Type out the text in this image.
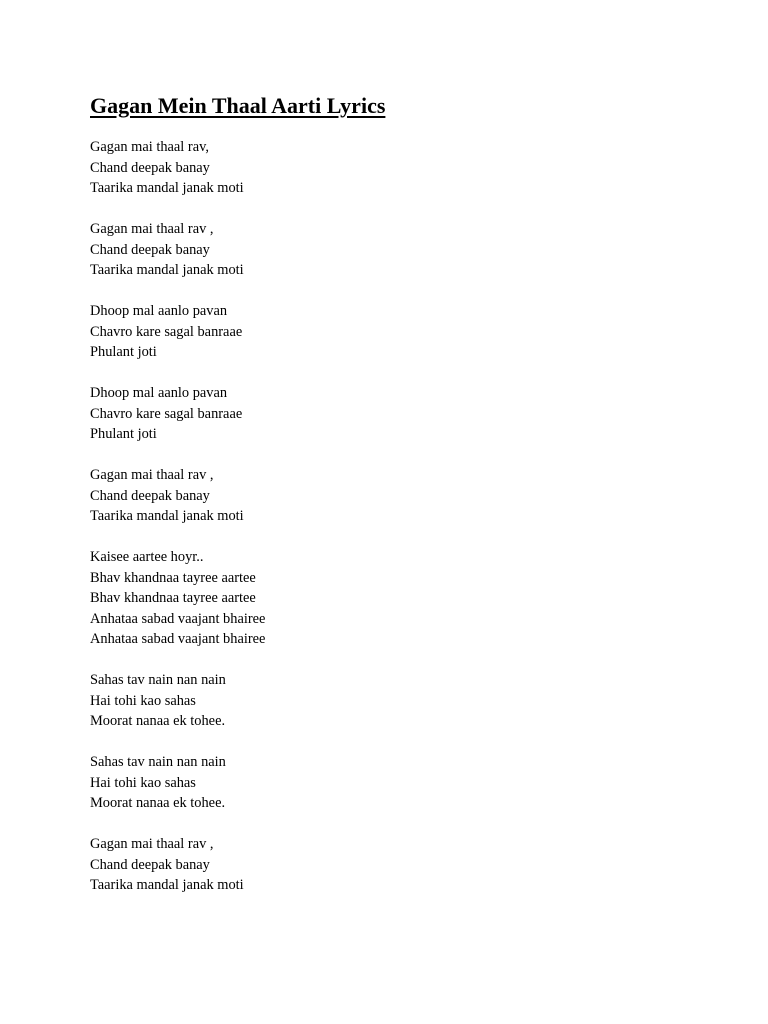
Gagan Mein Thaal Aarti Lyrics
Gagan mai thaal rav,
Chand deepak banay
Taarika mandal janak moti
Gagan mai thaal rav ,
Chand deepak banay
Taarika mandal janak moti
Dhoop mal aanlo pavan
Chavro kare sagal banraae
Phulant joti
Dhoop mal aanlo pavan
Chavro kare sagal banraae
Phulant joti
Gagan mai thaal rav ,
Chand deepak banay
Taarika mandal janak moti
Kaisee aartee hoyr..
Bhav khandnaa tayree aartee
Bhav khandnaa tayree aartee
Anhataa sabad vaajant bhairee
Anhataa sabad vaajant bhairee
Sahas tav nain nan nain
Hai tohi kao sahas
Moorat nanaa ek tohee.
Sahas tav nain nan nain
Hai tohi kao sahas
Moorat nanaa ek tohee.
Gagan mai thaal rav ,
Chand deepak banay
Taarika mandal janak moti
